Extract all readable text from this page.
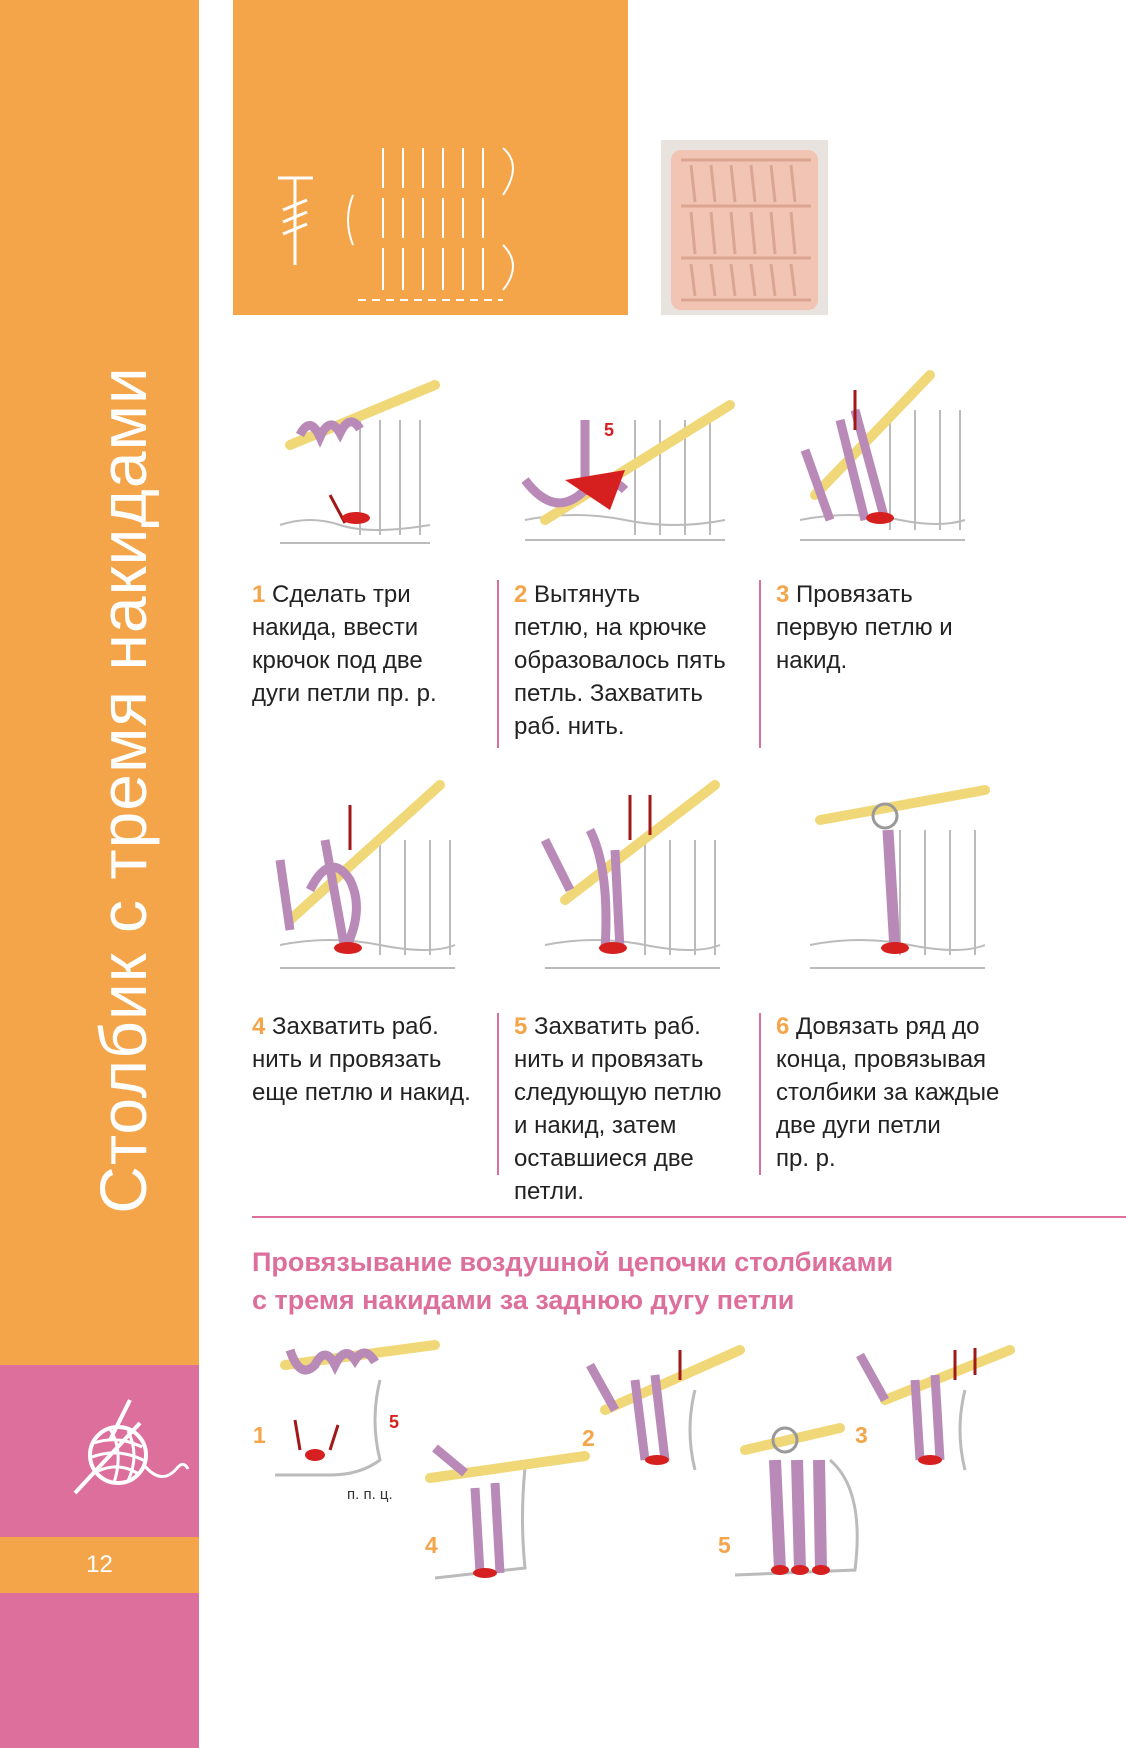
12
Столбик с тремя накидами	5
1 Сделать три
накида, ввести
крючок под две
дуги петли пр. р.
2 Вытянуть
петлю, на крючке
образовалось пять
петль. Захватить
раб. нить.
3 Провязать
первую петлю и
накид.
4 Захватить раб.
нить и провязать
еще петлю и накид.
5 Захватить раб.
нить и провязать
следующую петлю
и накид, затем
оставшиеся две
петли.
6 Довязать ряд до
конца, провязывая
столбики за каждые
две дуги петли
пр. р.
Провязывание воздушной цепочки столбиками
с тремя накидами за заднюю дугу петли
1	5
п. п. ц.
4
2
5
3
